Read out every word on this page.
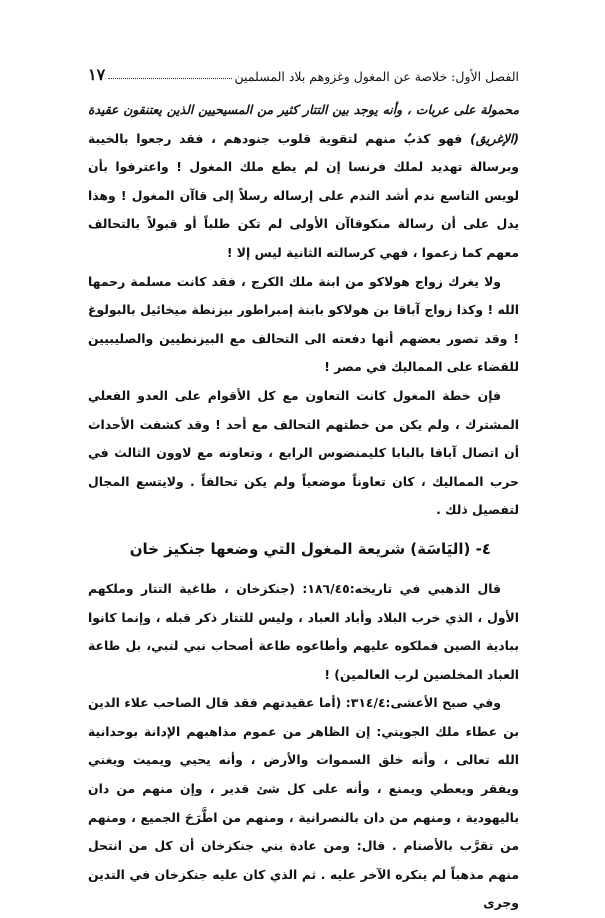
١٧	الفصل الأول: خلاصة عن المغول وغزوهم بلاد المسلمين

محمولة على عربات ، وأنه يوجد بين التتار كثير من المسيحيين الذين يعتنقون عقيدة (الإغريق) فهو كذبٌ منهم لتقوية قلوب جنودهم ، فقد رجعوا بالخيبة وبرسالة تهديد لملك فرنسا إن لم يطع ملك المغول ! واعترفوا بأن لويس التاسع ندم أشد الندم على إرساله رسلاً إلى قاآن المغول ! وهذا يدل على أن رسالة منكوقاآن الأولى لم تكن طلباً أو قبولاً بالتحالف معهم كما زعموا ، فهي كرسالته الثانية ليس إلا !

ولا يغرك زواج هولاكو من ابنة ملك الكرج ، فقد كانت مسلمة رحمها الله ! وكذا زواج آباقا بن هولاكو بابنة إمبراطور بيزنطة ميخائيل بالبولوغ ! وقد تصور بعضهم أنها دفعته الى التحالف مع البيزنطيين والصليبيين للقضاء على المماليك في مصر !

فإن خطة المغول كانت التعاون مع كل الأقوام على العدو الفعلي المشترك ، ولم يكن من خطتهم التحالف مع أحد ! وقد كشفت الأحداث أن اتصال آباقا بالبابا كليمنضوس الرابع ، وتعاونه مع لاوون الثالث في حرب المماليك ، كان تعاوناً موضعياً ولم يكن تحالفاً . ولايتسع المجال لتفصيل ذلك .

٤- (اليَاسَة) شريعة المغول التي وضعها جنكيز خان

قال الذهبي في تاريخه:١٨٦/٤٥: (جنكزخان ، طاغية التتار وملكهم الأول ، الذي خرب البلاد وأباد العباد ، وليس للتتار ذكر قبله ، وإنما كانوا ببادية الصين فملكوه عليهم وأطاعوه طاعة أصحاب نبي لنبي، بل طاعة العباد المخلصين لرب العالمين) !

وفي صبح الأعشى:٣١٤/٤: (أما عقيدتهم فقد قال الصاحب علاء الدين بن عطاء ملك الجويني: إن الظاهر من عموم مذاهبهم الإدانة بوحدانية الله تعالى ، وأنه خلق السموات والأرض ، وأنه يحيي ويميت ويغني ويفقر ويعطي ويمنع ، وأنه على كل شئ قدير ، وإن منهم من دان باليهودية ، ومنهم من دان بالنصرانية ، ومنهم من اطَّرَحَ الجميع ، ومنهم من تقرَّب بالأصنام . قال: ومن عادة بني جنكزخان أن كل من انتحل منهم مذهباً لم ينكره الآخر عليه . ثم الذي كان عليه جنكزخان في التدين وجرى
